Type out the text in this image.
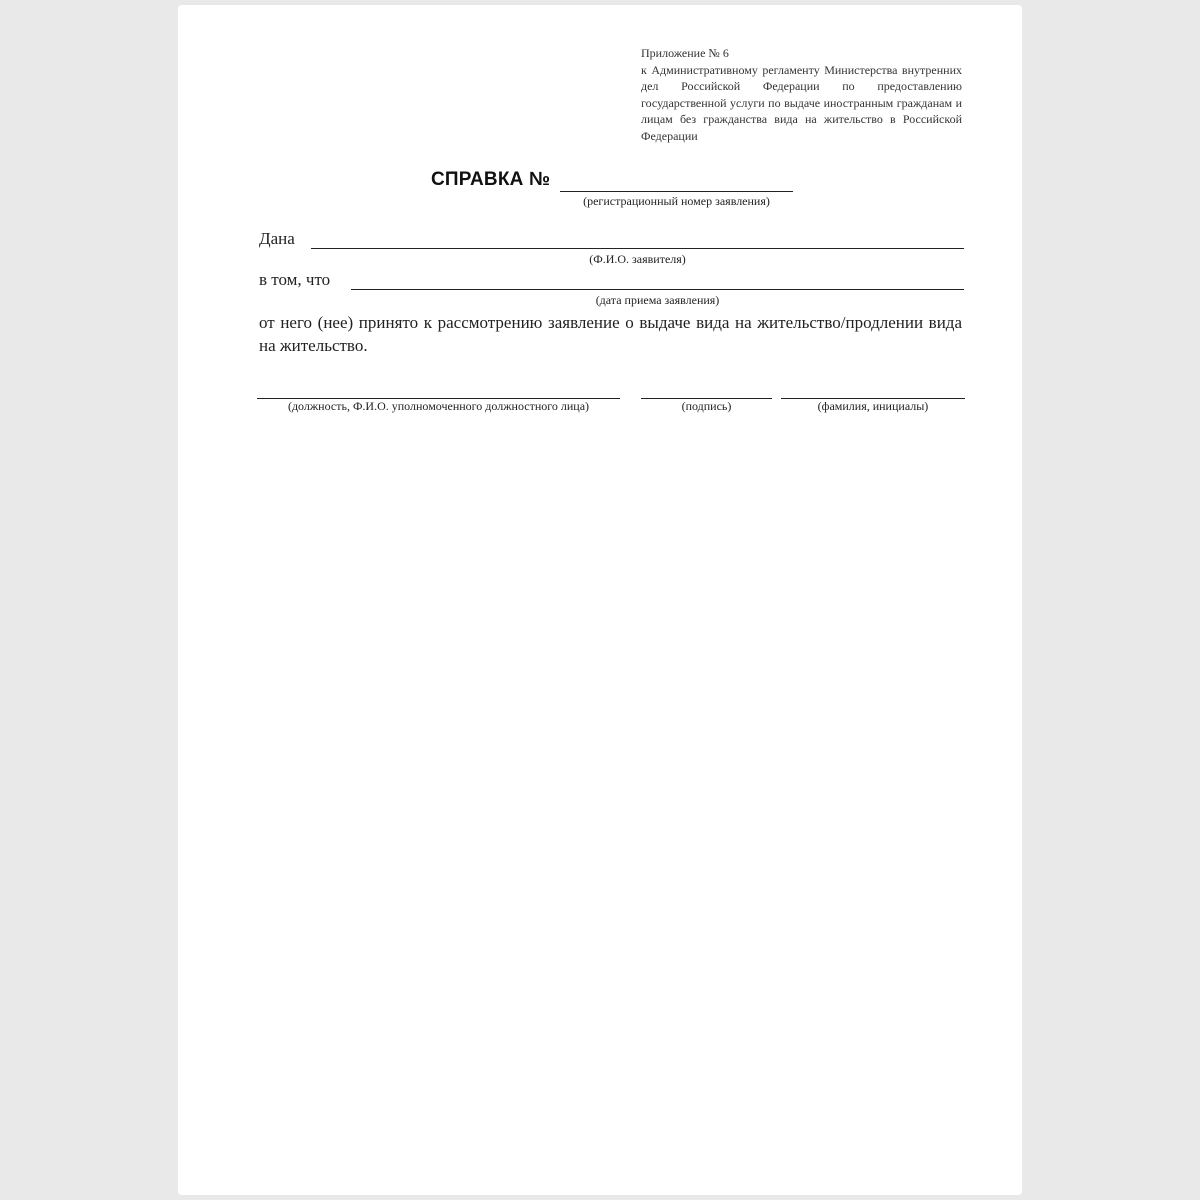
Приложение № 6
к Административному регламенту Министерства внутренних дел Российской Федерации по предоставлению государственной услуги по выдаче иностранным гражданам и лицам без гражданства вида на жительство в Российской Федерации
СПРАВКА №
(регистрационный номер заявления)
Дана
(Ф.И.О. заявителя)
в том, что
(дата приема заявления)
от него (нее) принято к рассмотрению заявление о выдаче вида на жительство/продлении вида на жительство.
(должность, Ф.И.О. уполномоченного должностного лица)	(подпись)	(фамилия, инициалы)
